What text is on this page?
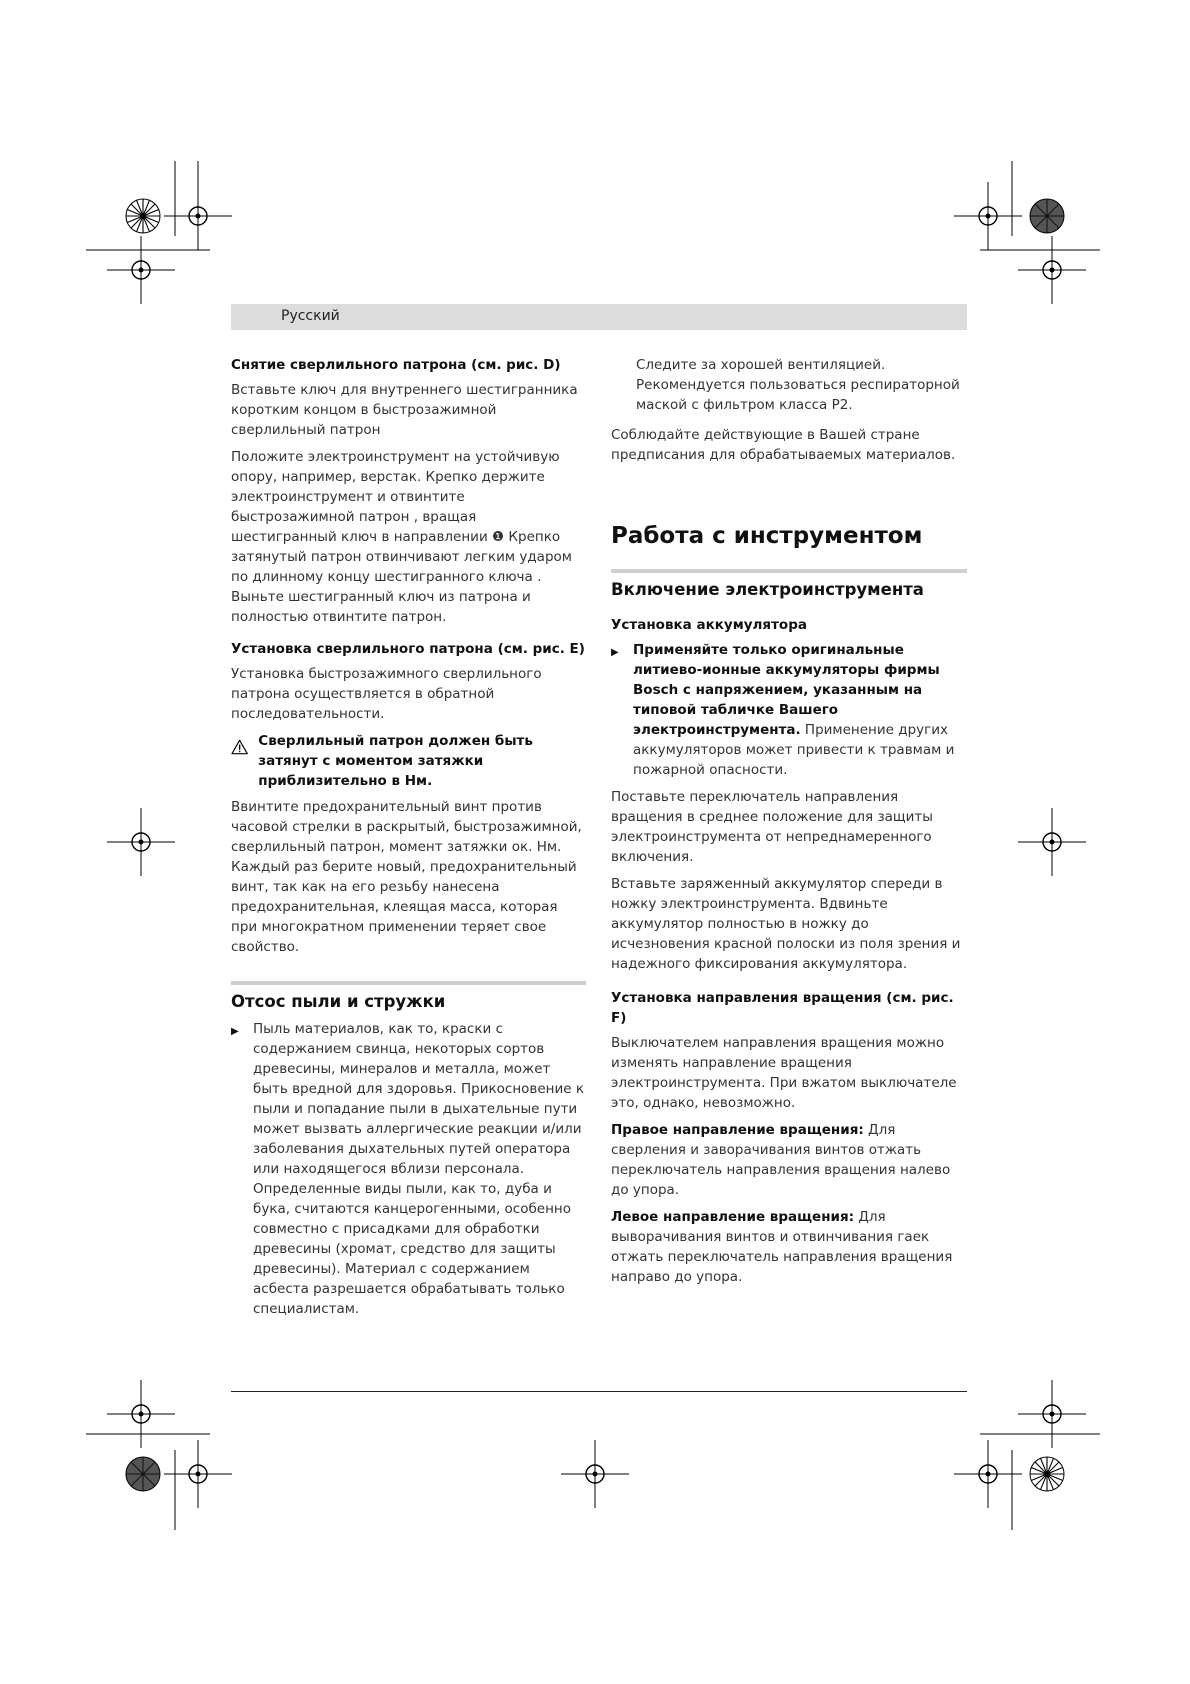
Русский
Снятие сверлильного патрона (см. рис. D)

Вставьте ключ для внутреннего шестигранника коротким концом в быстрозажимной сверлильный патрон

Положите электроинструмент на устойчивую опору, например, верстак. Крепко держите электроинструмент и отвинтите быстрозажимной патрон , вращая шестигранный ключ в направлении ❶ Крепко затянутый патрон отвинчивают легким ударом по длинному концу шестигранного ключа . Выньте шестигранный ключ из патрона и полностью отвинтите патрон.

Установка сверлильного патрона (см. рис. E)

Установка быстрозажимного сверлильного патрона осуществляется в обратной последовательности.

Сверлильный патрон должен быть затянут с моментом затяжки приблизительно в Нм.

Ввинтите предохранительный винт против часовой стрелки в раскрытый, быстрозажимной, сверлильный патрон, момент затяжки ок. Нм. Каждый раз берите новый, предохранительный винт, так как на его резьбу нанесена предохранительная, клеящая масса, которая при многократном применении теряет свое свойство.

Отсос пыли и стружки

▶ Пыль материалов, как то, краски с содержанием свинца, некоторых сортов древесины, минералов и металла, может быть вредной для здоровья. Прикосновение к пыли и попадание пыли в дыхательные пути может вызвать аллергические реакции и/или заболевания дыхательных путей оператора или находящегося вблизи персонала. Определенные виды пыли, как то, дуба и бука, считаются канцерогенными, особенно совместно с присадками для обработки древесины (хромат, средство для защиты древесины). Материал с содержанием асбеста разрешается обрабатывать только специалистам.

Следите за хорошей вентиляцией. Рекомендуется пользоваться респираторной маской с фильтром класса P2.

Соблюдайте действующие в Вашей стране предписания для обрабатываемых материалов.

Работа с инструментом
Включение электроинструмента
Установка аккумулятора

▶ Применяйте только оригинальные литиево-ионные аккумуляторы фирмы Bosch с напряжением, указанным на типовой табличке Вашего электроинструмента. Применение других аккумуляторов может привести к травмам и пожарной опасности.

Поставьте переключатель направления вращения в среднее положение для защиты электроинструмента от непреднамеренного включения.

Вставьте заряженный аккумулятор спереди в ножку электроинструмента. Вдвиньте аккумулятор полностью в ножку до исчезновения красной полоски из поля зрения и надежного фиксирования аккумулятора.

Установка направления вращения (см. рис. F)

Выключателем направления вращения можно изменять направление вращения электроинструмента. При вжатом выключателе это, однако, невозможно.

Правое направление вращения: Для сверления и заворачивания винтов отжать переключатель направления вращения налево до упора.

Левое направление вращения: Для выворачивания винтов и отвинчивания гаек отжать переключатель направления вращения направо до упора.
